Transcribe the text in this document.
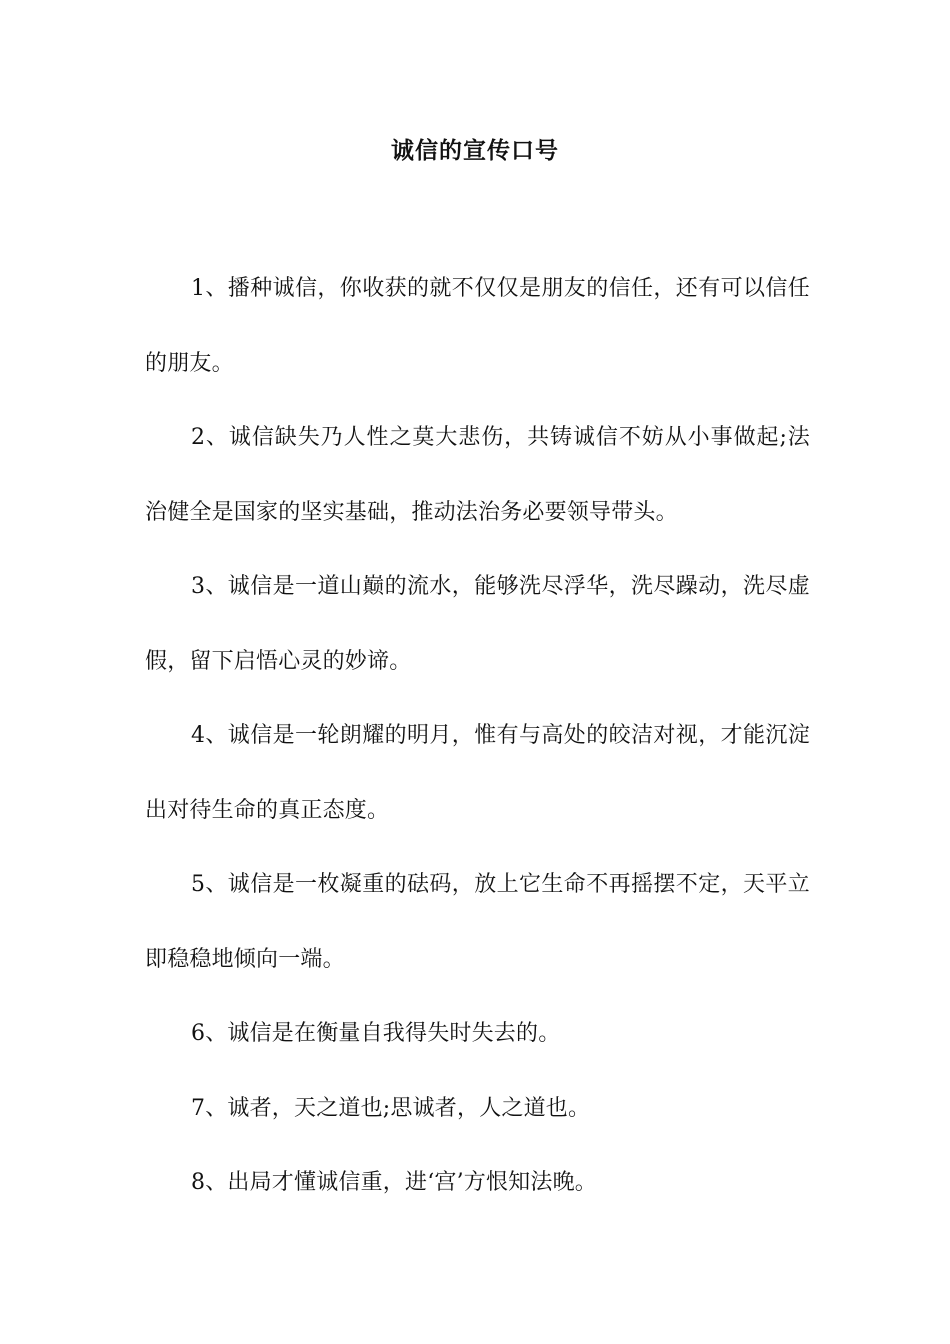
诚信的宣传口号

1、播种诚信，你收获的就不仅仅是朋友的信任，还有可以信任的朋友。

2、诚信缺失乃人性之莫大悲伤，共铸诚信不妨从小事做起;法治健全是国家的坚实基础，推动法治务必要领导带头。

3、诚信是一道山巅的流水，能够洗尽浮华，洗尽躁动，洗尽虚假，留下启悟心灵的妙谛。

4、诚信是一轮朗耀的明月，惟有与高处的皎洁对视，才能沉淀出对待生命的真正态度。

5、诚信是一枚凝重的砝码，放上它生命不再摇摆不定，天平立即稳稳地倾向一端。

6、诚信是在衡量自我得失时失去的。

7、诚者，天之道也;思诚者，人之道也。

8、出局才懂诚信重，进‘宫’方恨知法晚。
